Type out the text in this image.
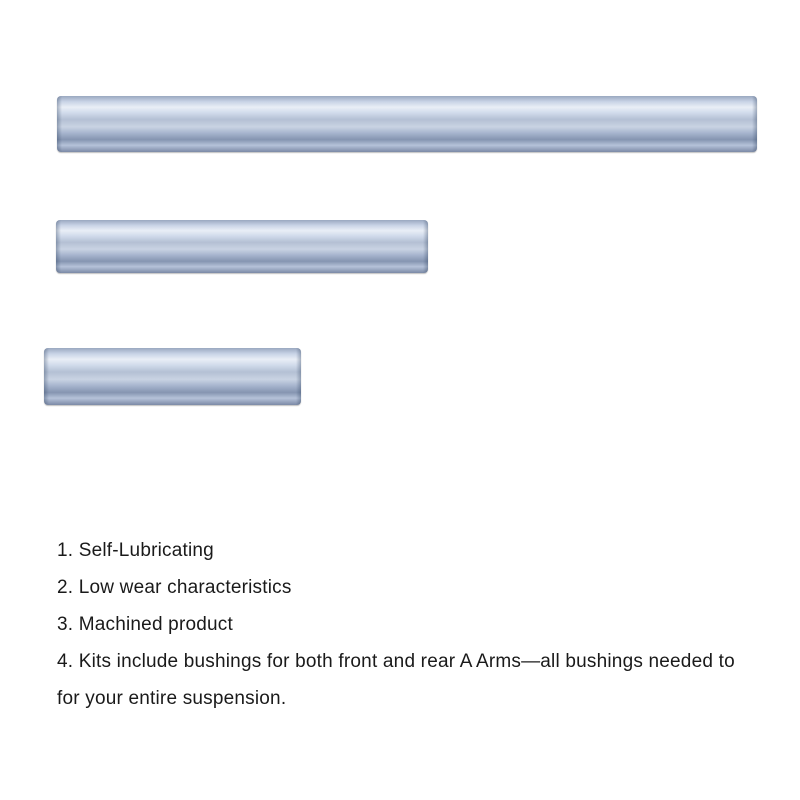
1. Self-Lubricating
2. Low wear characteristics
3. Machined product
4. Kits include bushings for both front and rear A Arms—all bushings needed to for your entire suspension.
